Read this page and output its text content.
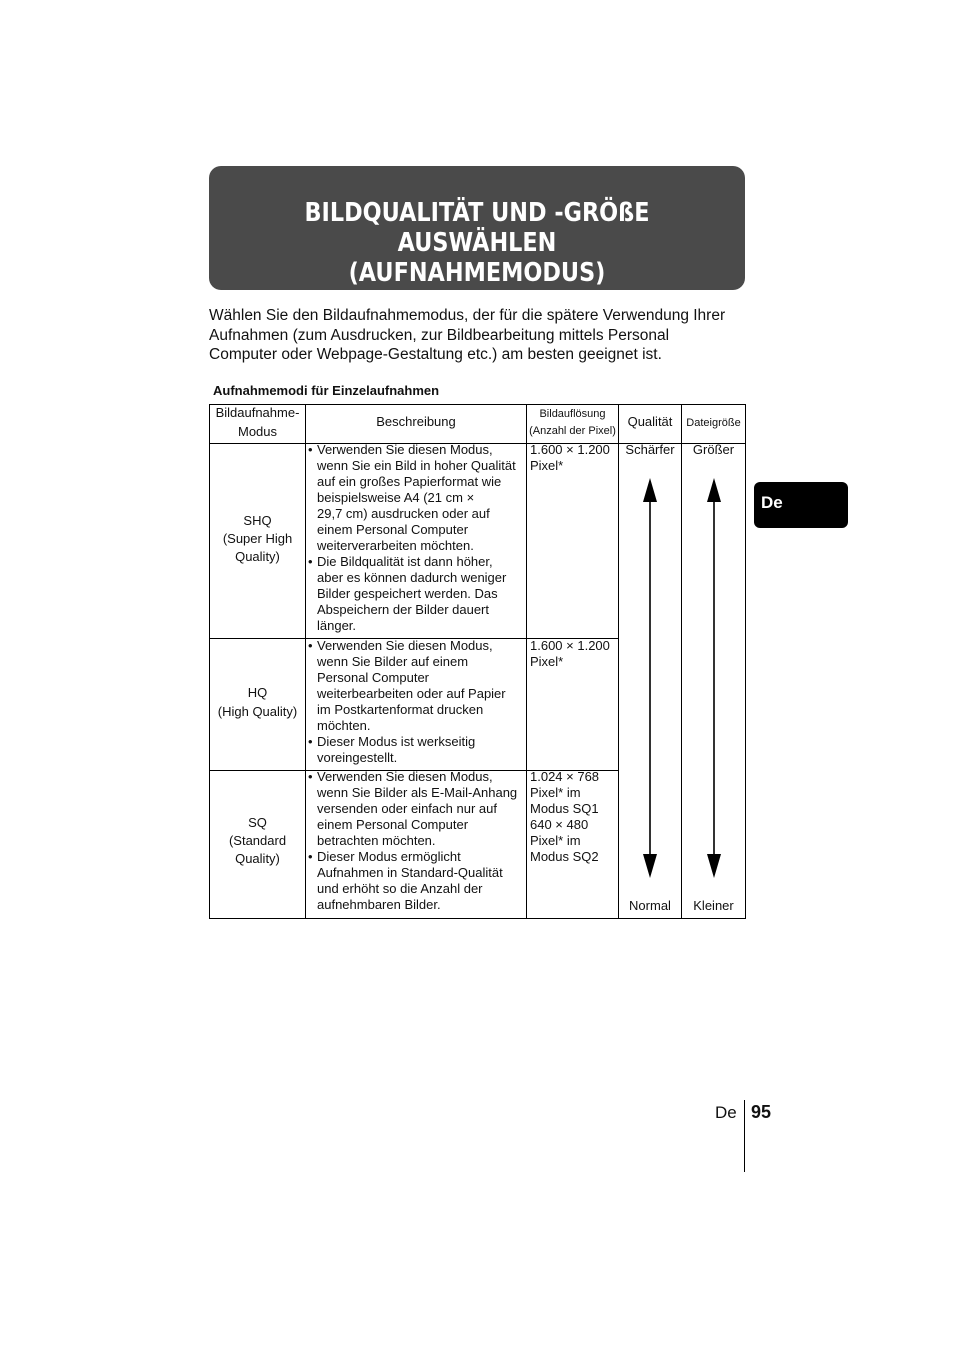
BILDQUALITÄT UND -GRÖßE AUSWÄHLEN
(AUFNAHMEMODUS)
Wählen Sie den Bildaufnahmemodus, der für die spätere Verwendung Ihrer
Aufnahmen (zum Ausdrucken, zur Bildbearbeitung mittels Personal
Computer oder Webpage-Gestaltung etc.) am besten geeignet ist.
Aufnahmemodi für Einzelaufnahmen
Bildaufnahme-
Modus
Beschreibung	Bildauflösung
(Anzahl der Pixel)
Qualität	Dateigröße
SHQ
(Super High
Quality)
• Verwenden Sie diesen Modus,
wenn Sie ein Bild in hoher Qualität
auf ein großes Papierformat wie
beispielsweise A4 (21 cm ×
29,7 cm) ausdrucken oder auf
einem Personal Computer
weiterverarbeiten möchten.
• Die Bildqualität ist dann höher,
aber es können dadurch weniger
Bilder gespeichert werden. Das
Abspeichern der Bilder dauert
länger.
1.600 × 1.200
Pixel*
HQ
(High Quality)
• Verwenden Sie diesen Modus,
wenn Sie Bilder auf einem
Personal Computer
weiterbearbeiten oder auf Papier
im Postkartenformat drucken
möchten.
• Dieser Modus ist werkseitig
voreingestellt.
1.600 × 1.200
Pixel*
SQ
(Standard
Quality)
• Verwenden Sie diesen Modus,
wenn Sie Bilder als E-Mail-Anhang
versenden oder einfach nur auf
einem Personal Computer
betrachten möchten.
• Dieser Modus ermöglicht
Aufnahmen in Standard-Qualität
und erhöht so die Anzahl der
aufnehmbaren Bilder.
1.024 × 768
Pixel* im
Modus SQ1
640 × 480
Pixel* im
Modus SQ2
Schärfer
Normal
Größer
Kleiner
De
De 95
